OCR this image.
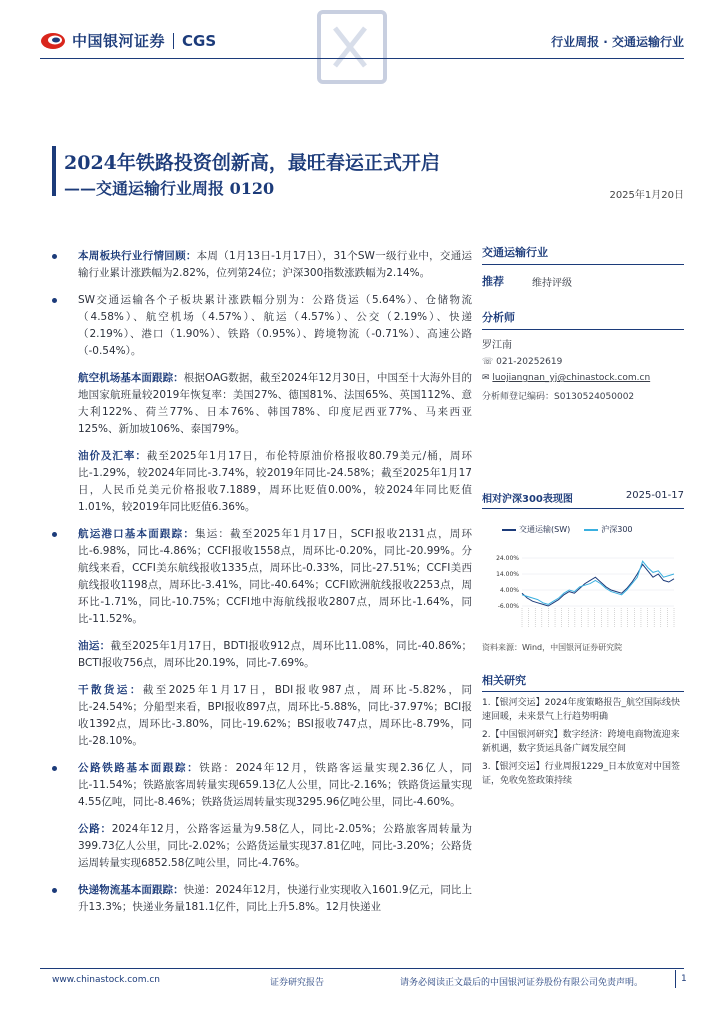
中国银河证券 CGS	行业周报 · 交通运输行业
2024年铁路投资创新高，最旺春运正式开启
——交通运输行业周报 0120	2025年1月20日
本周板块行业行情回顾：本周（1月13日-1月17日），31个SW一级行业中，交通运输行业累计涨跌幅为2.82%，位列第24位；沪深300指数涨跌幅为2.14%。
SW交通运输各个子板块累计涨跌幅分别为：公路货运（5.64%）、仓储物流（4.58%）、航空机场（4.57%）、航运（4.57%）、公交（2.19%）、快递（2.19%）、港口（1.90%）、铁路（0.95%）、跨境物流（-0.71%）、高速公路（-0.54%）。
航空机场基本面跟踪：根据OAG数据，截至2024年12月30日，中国至十大海外目的地国家航班量较2019年恢复率：美国27%、德国81%、法国65%、英国112%、意大利122%、荷兰77%、日本76%、韩国78%、印度尼西亚77%、马来西亚125%、新加坡106%、泰国79%。
油价及汇率：截至2025年1月17日，布伦特原油价格报收80.79美元/桶，周环比-1.29%，较2024年同比-3.74%，较2019年同比-24.58%；截至2025年1月17日，人民币兑美元价格报收7.1889，周环比贬值0.00%，较2024年同比贬值1.01%，较2019年同比贬值6.36%。
航运港口基本面跟踪：集运：截至2025年1月17日，SCFI报收2131点，周环比-6.98%，同比-4.86%；CCFI报收1558点，周环比-0.20%，同比-20.99%。分航线来看，CCFI美东航线报收1335点，周环比-0.33%，同比-27.51%；CCFI美西航线报收1198点，周环比-3.41%，同比-40.64%；CCFI欧洲航线报收2253点，周环比-1.71%，同比-10.75%；CCFI地中海航线报收2807点，周环比-1.64%，同比-11.52%。
油运：截至2025年1月17日，BDTI报收912点，周环比11.08%，同比-40.86%；BCTI报收756点，周环比20.19%，同比-7.69%。
干散货运：截至2025年1月17日，BDI报收987点，周环比-5.82%，同比-24.54%；分船型来看，BPI报收897点，周环比-5.88%，同比-37.97%；BCI报收1392点，周环比-3.80%，同比-19.62%；BSI报收747点，周环比-8.79%，同比-28.10%。
公路铁路基本面跟踪：铁路：2024年12月，铁路客运量实现2.36亿人，同比-11.54%；铁路旅客周转量实现659.13亿人公里，同比-2.16%；铁路货运量实现4.55亿吨，同比-8.46%；铁路货运周转量实现3295.96亿吨公里，同比-4.60%。
公路：2024年12月，公路客运量为9.58亿人，同比-2.05%；公路旅客周转量为399.73亿人公里，同比-2.02%；公路货运量实现37.81亿吨，同比-3.20%；公路货运周转量实现6852.58亿吨公里，同比-4.76%。
快递物流基本面跟踪：快递：2024年12月，快递行业实现收入1601.9亿元，同比上升13.3%；快递业务量181.1亿件，同比上升5.8%。12月快递业
交通运输行业
推荐	维持评级
分析师
罗江南
☏ 021-20252619
✉ luojiangnan_yj@chinastock.com.cn
分析师登记编码：S0130524050002
相对沪深300表现图	2025-01-17
交通运输(SW)	沪深300
24.00%
14.00%
4.00%
-6.00%
资料来源：Wind，中国银河证券研究院
相关研究
1.【银河交运】2024年度策略报告_航空国际线快速回暖，未来景气上行趋势明确
2.【中国银河研究】数字经济：跨境电商物流迎来新机遇，数字货运具备广阔发展空间
3.【银河交运】行业周报1229_日本放宽对中国签证，免收免签政策持续
www.chinastock.com.cn	证券研究报告	请务必阅读正文最后的中国银河证券股份有限公司免责声明。	1
